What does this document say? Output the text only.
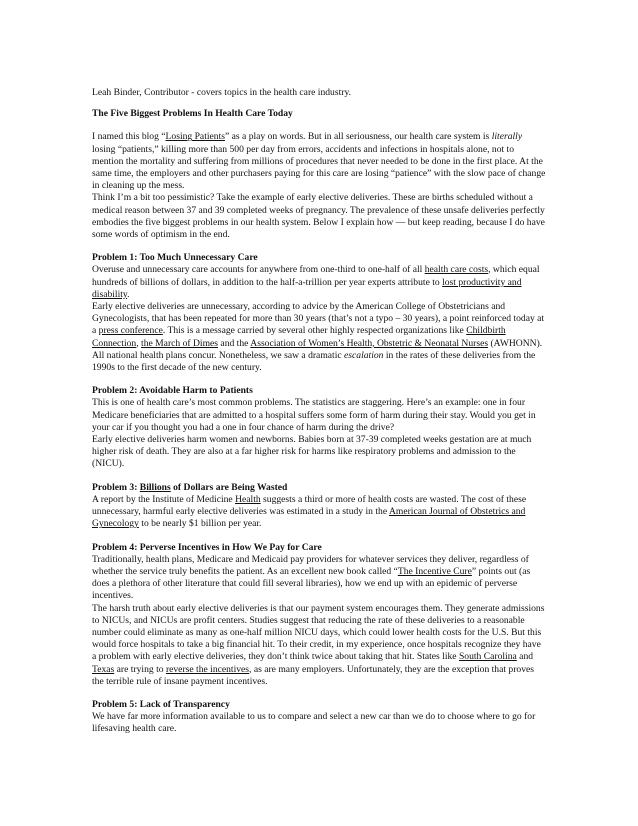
Leah Binder, Contributor - covers topics in the health care industry.

The Five Biggest Problems In Health Care Today

I named this blog “Losing Patients” as a play on words. But in all seriousness, our health care system is literally losing “patients,” killing more than 500 per day from errors, accidents and infections in hospitals alone, not to mention the mortality and suffering from millions of procedures that never needed to be done in the first place. At the same time, the employers and other purchasers paying for this care are losing “patience” with the slow pace of change in cleaning up the mess.

Think I’m a bit too pessimistic? Take the example of early elective deliveries. These are births scheduled without a medical reason between 37 and 39 completed weeks of pregnancy. The prevalence of these unsafe deliveries perfectly embodies the five biggest problems in our health system. Below I explain how — but keep reading, because I do have some words of optimism in the end.

Problem 1: Too Much Unnecessary Care

Overuse and unnecessary care accounts for anywhere from one-third to one-half of all health care costs, which equal hundreds of billions of dollars, in addition to the half-a-trillion per year experts attribute to lost productivity and disability.

Early elective deliveries are unnecessary, according to advice by the American College of Obstetricians and Gynecologists, that has been repeated for more than 30 years (that’s not a typo – 30 years), a point reinforced today at a press conference. This is a message carried by several other highly respected organizations like Childbirth Connection, the March of Dimes and the Association of Women’s Health, Obstetric & Neonatal Nurses (AWHONN). All national health plans concur. Nonetheless, we saw a dramatic escalation in the rates of these deliveries from the 1990s to the first decade of the new century.

Problem 2: Avoidable Harm to Patients

This is one of health care’s most common problems. The statistics are staggering. Here’s an example: one in four Medicare beneficiaries that are admitted to a hospital suffers some form of harm during their stay. Would you get in your car if you thought you had a one in four chance of harm during the drive?

Early elective deliveries harm women and newborns. Babies born at 37-39 completed weeks gestation are at much higher risk of death. They are also at a far higher risk for harms like respiratory problems and admission to the (NICU).

Problem 3: Billions of Dollars are Being Wasted

A report by the Institute of Medicine Health suggests a third or more of health costs are wasted. The cost of these unnecessary, harmful early elective deliveries was estimated in a study in the American Journal of Obstetrics and Gynecology to be nearly $1 billion per year.

Problem 4: Perverse Incentives in How We Pay for Care

Traditionally, health plans, Medicare and Medicaid pay providers for whatever services they deliver, regardless of whether the service truly benefits the patient. As an excellent new book called “The Incentive Cure” points out (as does a plethora of other literature that could fill several libraries), how we end up with an epidemic of perverse incentives.

The harsh truth about early elective deliveries is that our payment system encourages them. They generate admissions to NICUs, and NICUs are profit centers. Studies suggest that reducing the rate of these deliveries to a reasonable number could eliminate as many as one-half million NICU days, which could lower health costs for the U.S. But this would force hospitals to take a big financial hit. To their credit, in my experience, once hospitals recognize they have a problem with early elective deliveries, they don’t think twice about taking that hit. States like South Carolina and Texas are trying to reverse the incentives, as are many employers. Unfortunately, they are the exception that proves the terrible rule of insane payment incentives.

Problem 5: Lack of Transparency

We have far more information available to us to compare and select a new car than we do to choose where to go for lifesaving health care.
